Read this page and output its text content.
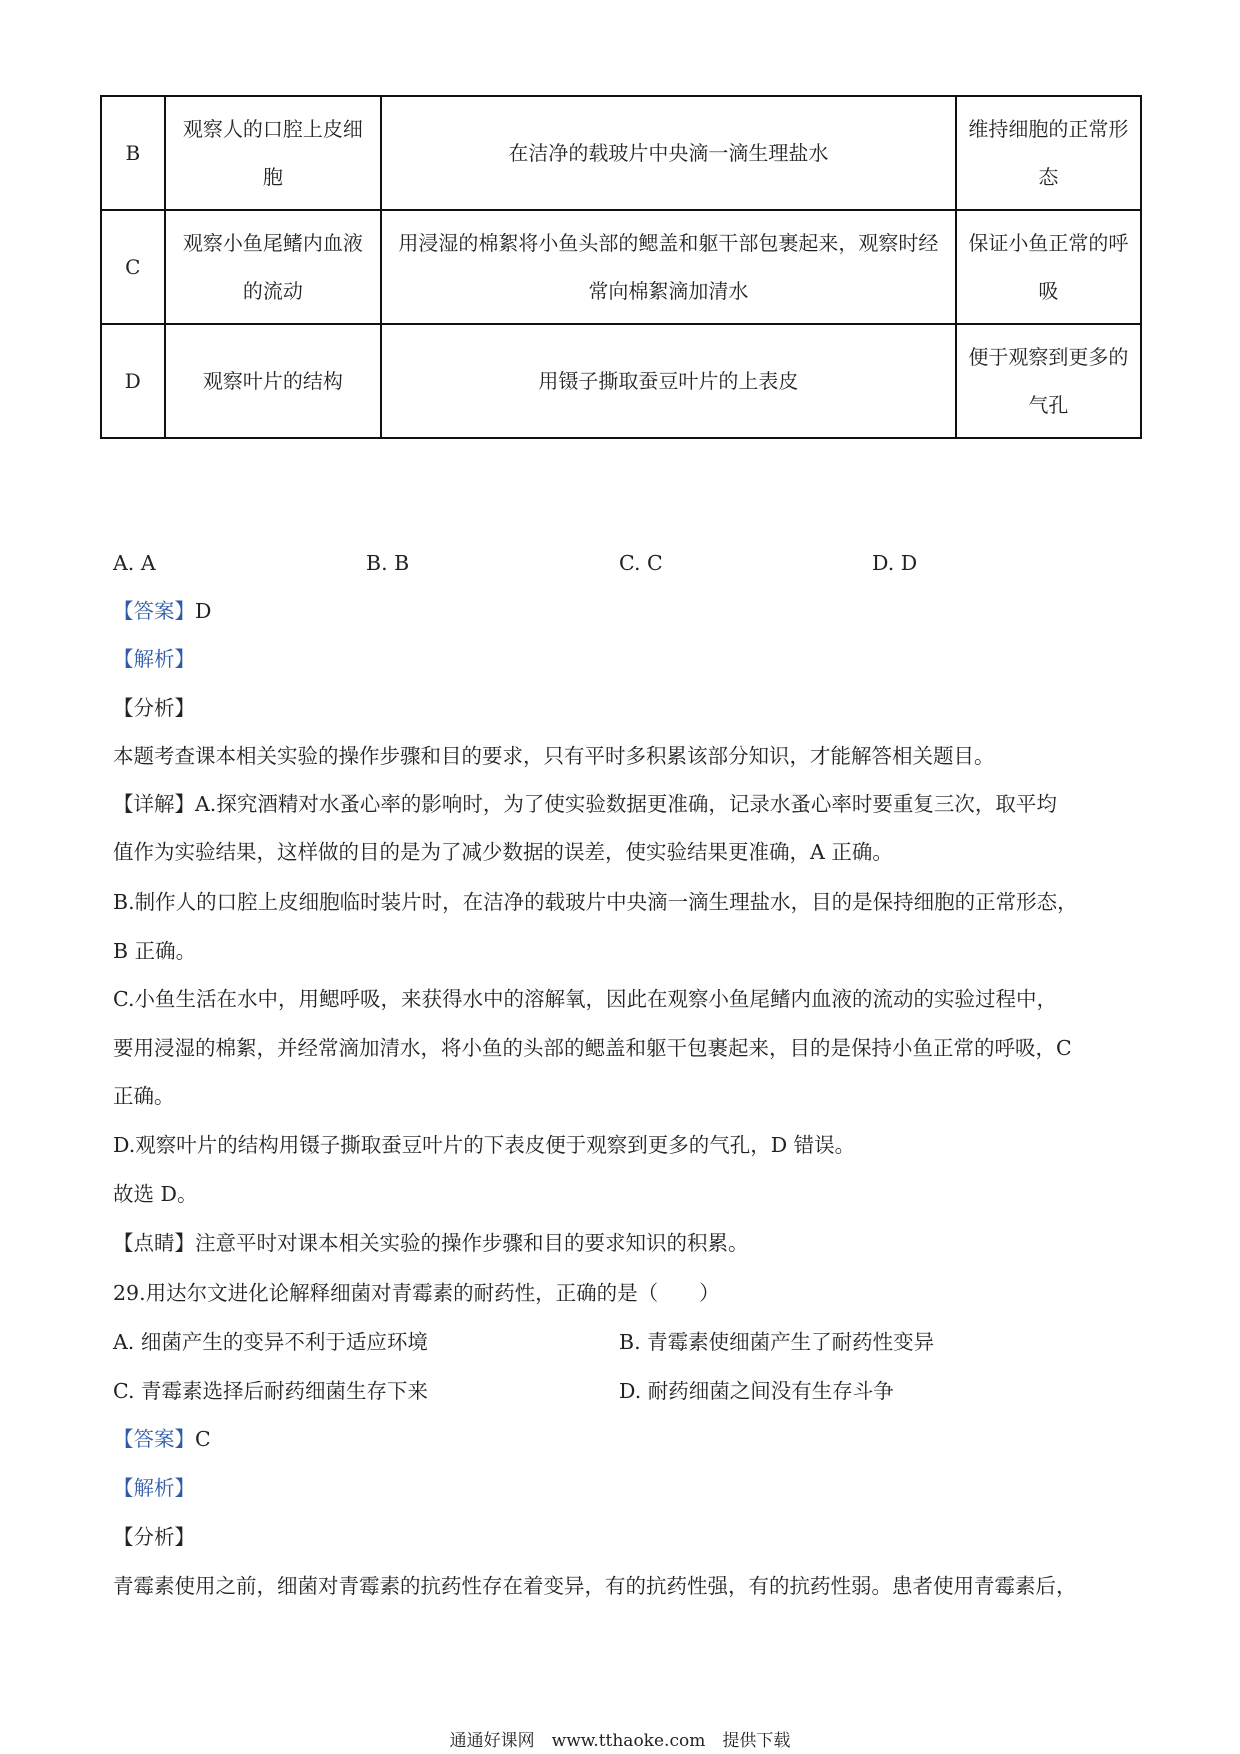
B	观察人的口腔上皮细胞	在洁净的载玻片中央滴一滴生理盐水	维持细胞的正常形态
C	观察小鱼尾鳍内血液的流动	用浸湿的棉絮将小鱼头部的鳃盖和躯干部包裹起来，观察时经常向棉絮滴加清水	保证小鱼正常的呼吸
D	观察叶片的结构	用镊子撕取蚕豆叶片的上表皮	便于观察到更多的气孔
A. A	B. B	C. C	D. D
【答案】D
【解析】
【分析】
本题考查课本相关实验的操作步骤和目的要求，只有平时多积累该部分知识，才能解答相关题目。
【详解】A.探究酒精对水蚤心率的影响时，为了使实验数据更准确，记录水蚤心率时要重复三次，取平均
值作为实验结果，这样做的目的是为了减少数据的误差，使实验结果更准确，A 正确。
B.制作人的口腔上皮细胞临时装片时，在洁净的载玻片中央滴一滴生理盐水，目的是保持细胞的正常形态，
B 正确。
C.小鱼生活在水中，用鳃呼吸，来获得水中的溶解氧，因此在观察小鱼尾鳍内血液的流动的实验过程中，
要用浸湿的棉絮，并经常滴加清水，将小鱼的头部的鳃盖和躯干包裹起来，目的是保持小鱼正常的呼吸，C
正确。
D.观察叶片的结构用镊子撕取蚕豆叶片的下表皮便于观察到更多的气孔，D 错误。
故选 D。
【点睛】注意平时对课本相关实验的操作步骤和目的要求知识的积累。
29.用达尔文进化论解释细菌对青霉素的耐药性，正确的是（　　）
A. 细菌产生的变异不利于适应环境	B. 青霉素使细菌产生了耐药性变异
C. 青霉素选择后耐药细菌生存下来	D. 耐药细菌之间没有生存斗争
【答案】C
【解析】
【分析】
青霉素使用之前，细菌对青霉素的抗药性存在着变异，有的抗药性强，有的抗药性弱。患者使用青霉素后，
通通好课网　www.tthaoke.com　提供下载
